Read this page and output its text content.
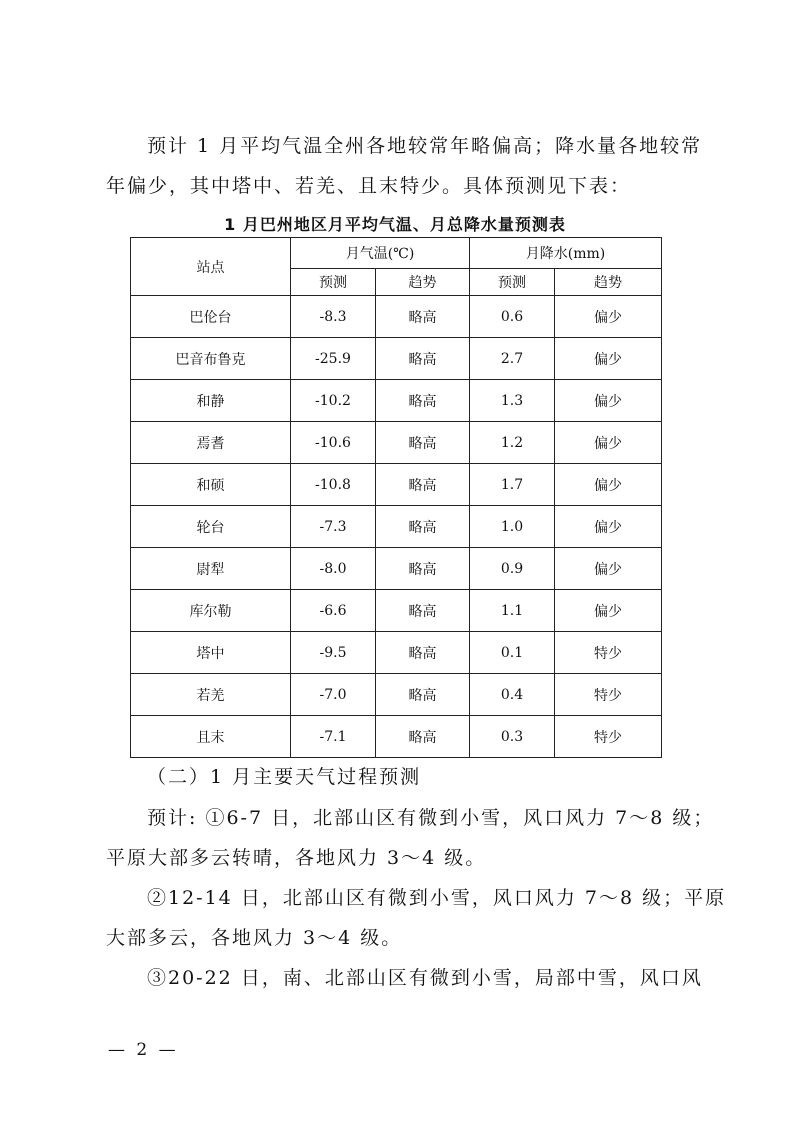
预计 1 月平均气温全州各地较常年略偏高；降水量各地较常
年偏少，其中塔中、若羌、且末特少。具体预测见下表：
1 月巴州地区月平均气温、月总降水量预测表
站点	月气温(℃)		月降水(mm)	
	预测	趋势	预测	趋势
巴伦台	-8.3	略高	0.6	偏少
巴音布鲁克	-25.9	略高	2.7	偏少
和静	-10.2	略高	1.3	偏少
焉耆	-10.6	略高	1.2	偏少
和硕	-10.8	略高	1.7	偏少
轮台	-7.3	略高	1.0	偏少
尉犁	-8.0	略高	0.9	偏少
库尔勒	-6.6	略高	1.1	偏少
塔中	-9.5	略高	0.1	特少
若羌	-7.0	略高	0.4	特少
且末	-7.1	略高	0.3	特少
（二）1 月主要天气过程预测
预计: ①6-7 日，北部山区有微到小雪，风口风力 7～8 级；
平原大部多云转晴，各地风力 3～4 级。
②12-14 日，北部山区有微到小雪，风口风力 7～8 级；平原
大部多云，各地风力 3～4 级。
③20-22 日，南、北部山区有微到小雪，局部中雪，风口风
— 2 —
